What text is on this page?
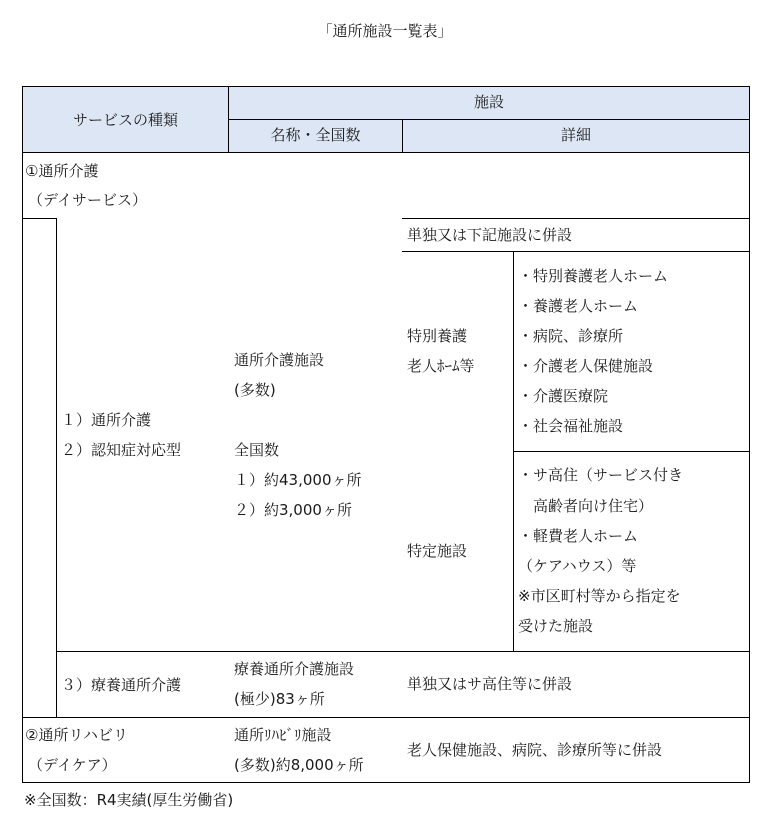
「通所施設一覧表」
サービスの種類
施設
名称・全国数	詳細
①通所介護
（デイサービス）
１）通所介護
２）認知症対応型
通所介護施設
(多数)
全国数
１）約43,000ヶ所
２）約3,000ヶ所
単独又は下記施設に併設
特別養護
老人ﾎｰﾑ等
・特別養護老人ホーム
・養護老人ホーム
・病院、診療所
・介護老人保健施設
・介護医療院
・社会福祉施設
特定施設
・サ高住（サービス付き
　高齢者向け住宅）
・軽費老人ホーム
（ケアハウス）等
※市区町村等から指定を
受けた施設
３）療養通所介護
療養通所介護施設
(極少)83ヶ所
単独又はサ高住等に併設
②通所リハビリ
（デイケア）
通所ﾘﾊﾋﾞﾘ施設
(多数)約8,000ヶ所
老人保健施設、病院、診療所等に併設
※全国数：R4実績(厚生労働省)
